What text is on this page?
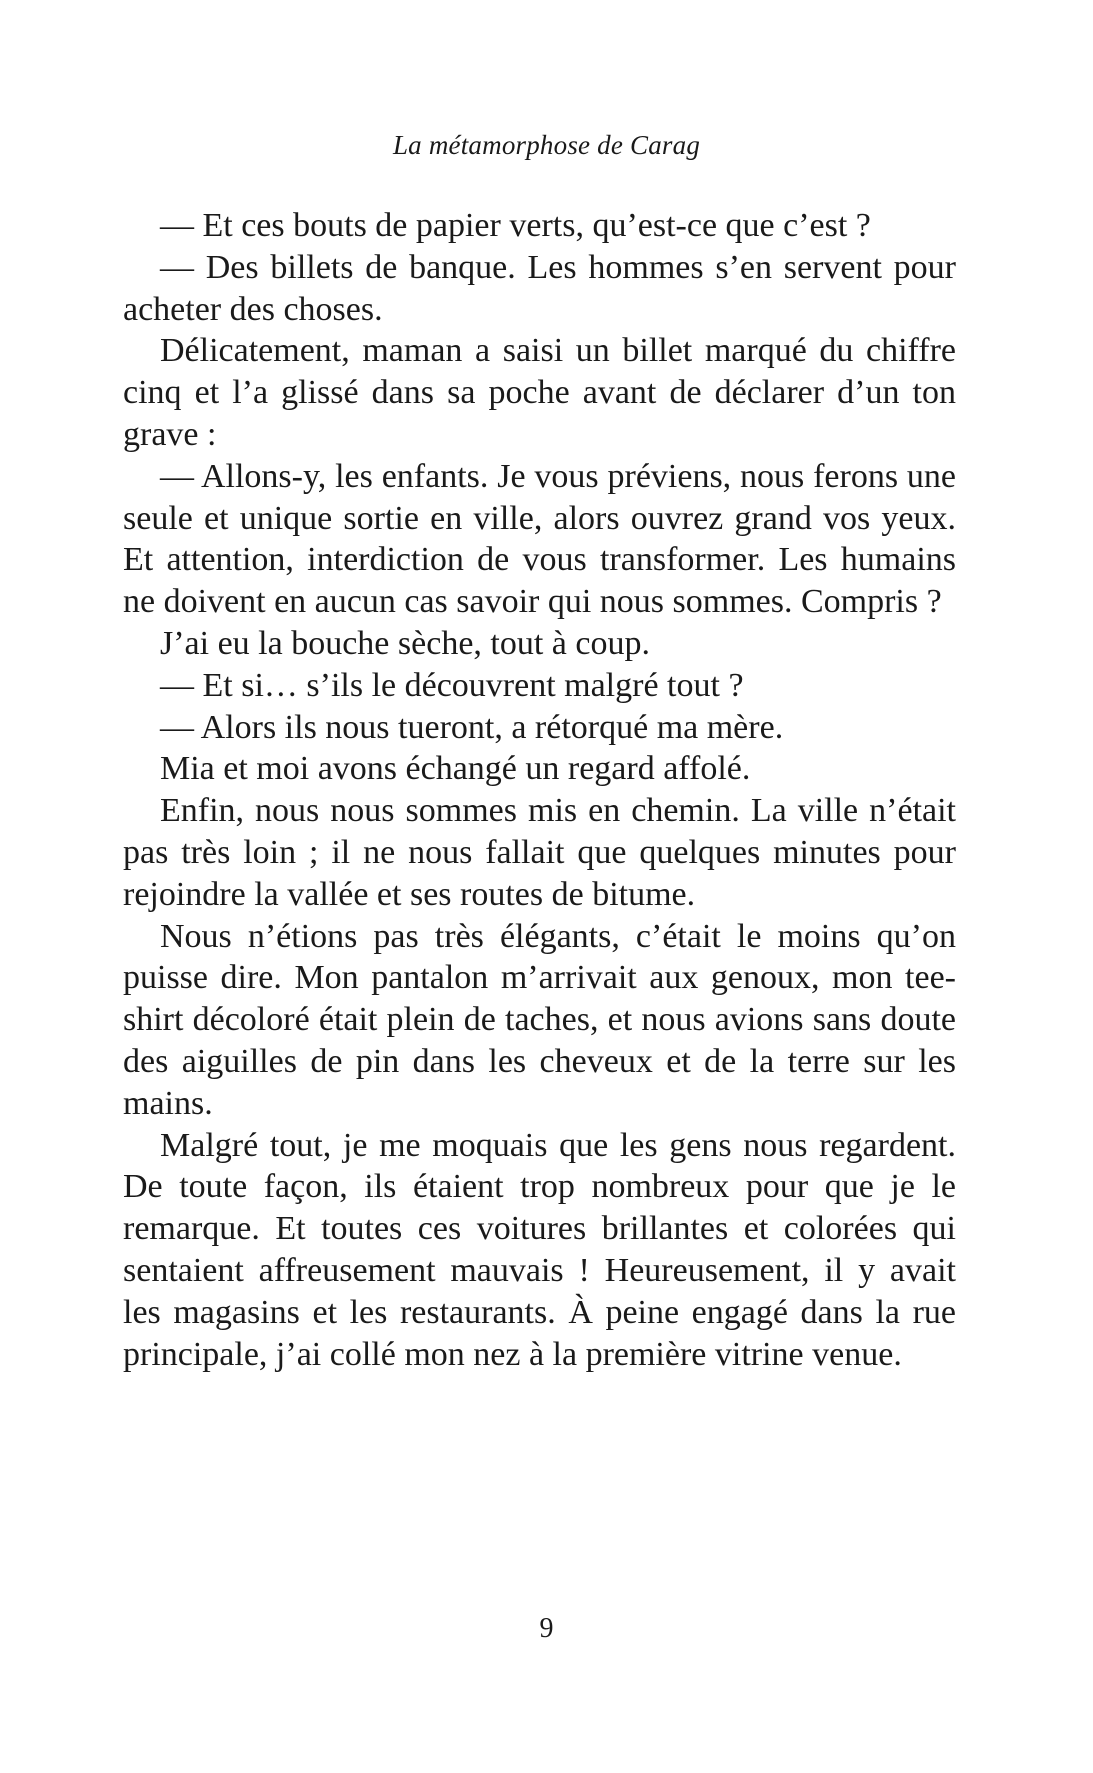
La métamorphose de Carag

— Et ces bouts de papier verts, qu’est-ce que c’est ?

— Des billets de banque. Les hommes s’en servent pour acheter des choses.

Délicatement, maman a saisi un billet marqué du chiffre cinq et l’a glissé dans sa poche avant de déclarer d’un ton grave :

— Allons-y, les enfants. Je vous préviens, nous ferons une seule et unique sortie en ville, alors ouvrez grand vos yeux. Et attention, interdiction de vous transformer. Les humains ne doivent en aucun cas savoir qui nous sommes. Compris ?

J’ai eu la bouche sèche, tout à coup.

— Et si… s’ils le découvrent malgré tout ?

— Alors ils nous tueront, a rétorqué ma mère.

Mia et moi avons échangé un regard affolé.

Enfin, nous nous sommes mis en chemin. La ville n’était pas très loin ; il ne nous fallait que quelques minutes pour rejoindre la vallée et ses routes de bitume.

Nous n’étions pas très élégants, c’était le moins qu’on puisse dire. Mon pantalon m’arrivait aux genoux, mon tee-shirt décoloré était plein de taches, et nous avions sans doute des aiguilles de pin dans les cheveux et de la terre sur les mains.

Malgré tout, je me moquais que les gens nous regardent. De toute façon, ils étaient trop nombreux pour que je le remarque. Et toutes ces voitures brillantes et colorées qui sentaient affreusement mauvais ! Heureusement, il y avait les magasins et les restaurants. À peine engagé dans la rue principale, j’ai collé mon nez à la première vitrine venue.

9
